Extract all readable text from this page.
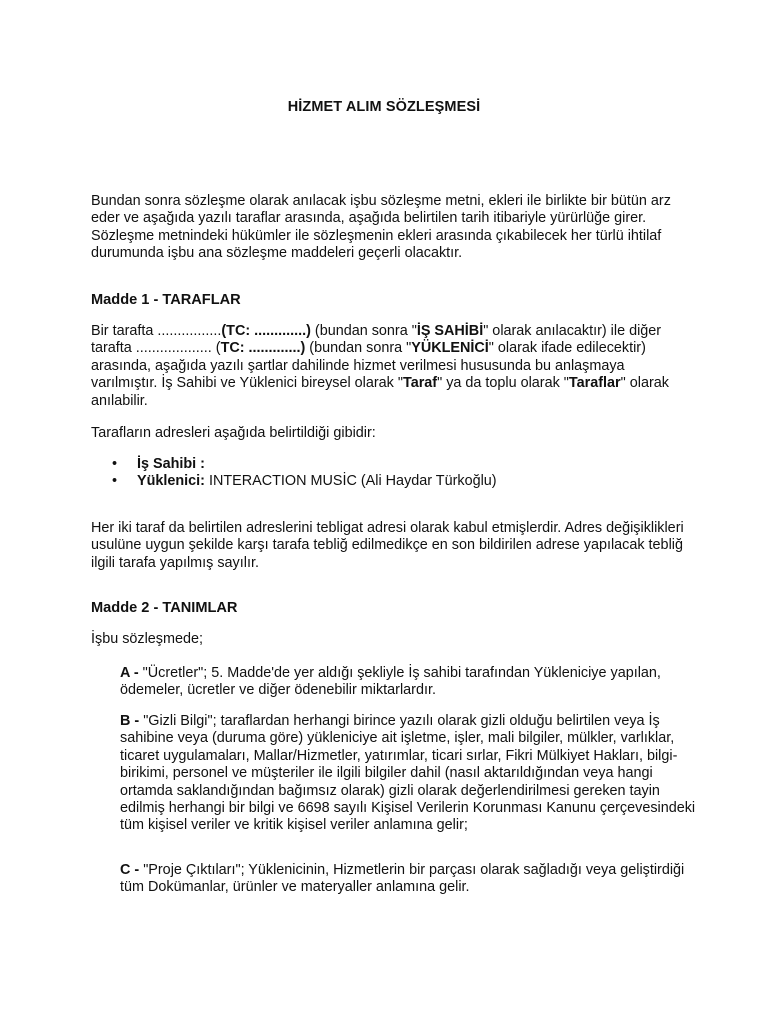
HİZMET ALIM SÖZLEŞMESİ

Bundan sonra sözleşme olarak anılacak işbu sözleşme metni, ekleri ile birlikte bir bütün arz eder ve aşağıda yazılı taraflar arasında, aşağıda belirtilen tarih itibariyle yürürlüğe girer. Sözleşme metnindeki hükümler ile sözleşmenin ekleri arasında çıkabilecek her türlü ihtilaf durumunda işbu ana sözleşme maddeleri geçerli olacaktır.

Madde 1 - TARAFLAR

Bir tarafta ................(TC: .............) (bundan sonra "İŞ SAHİBİ" olarak anılacaktır) ile diğer tarafta ................... (TC: .............) (bundan sonra "YÜKLENİCİ" olarak ifade edilecektir) arasında, aşağıda yazılı şartlar dahilinde hizmet verilmesi hususunda bu anlaşmaya varılmıştır. İş Sahibi ve Yüklenici bireysel olarak "Taraf" ya da toplu olarak "Taraflar" olarak anılabilir.

Tarafların adresleri aşağıda belirtildiği gibidir:

• İş Sahibi :
• Yüklenici: INTERACTION MUSİC (Ali Haydar Türkoğlu)

Her iki taraf da belirtilen adreslerini tebligat adresi olarak kabul etmişlerdir. Adres değişiklikleri usulüne uygun şekilde karşı tarafa tebliğ edilmedikçe en son bildirilen adrese yapılacak tebliğ ilgili tarafa yapılmış sayılır.

Madde 2 - TANIMLAR

İşbu sözleşmede;

A - "Ücretler"; 5. Madde'de yer aldığı şekliyle İş sahibi tarafından Yükleniciye yapılan, ödemeler, ücretler ve diğer ödenebilir miktarlardır.

B - "Gizli Bilgi"; taraflardan herhangi birince yazılı olarak gizli olduğu belirtilen veya İş sahibine veya (duruma göre) yükleniciye ait işletme, işler, mali bilgiler, mülkler, varlıklar, ticaret uygulamaları, Mallar/Hizmetler, yatırımlar, ticari sırlar, Fikri Mülkiyet Hakları, bilgi-birikimi, personel ve müşteriler ile ilgili bilgiler dahil (nasıl aktarıldığından veya hangi ortamda saklandığından bağımsız olarak) gizli olarak değerlendirilmesi gereken tayin edilmiş herhangi bir bilgi ve 6698 sayılı Kişisel Verilerin Korunması Kanunu çerçevesindeki tüm kişisel veriler ve kritik kişisel veriler anlamına gelir;

C - "Proje Çıktıları"; Yüklenicinin, Hizmetlerin bir parçası olarak sağladığı veya geliştirdiği tüm Dokümanlar, ürünler ve materyaller anlamına gelir.
